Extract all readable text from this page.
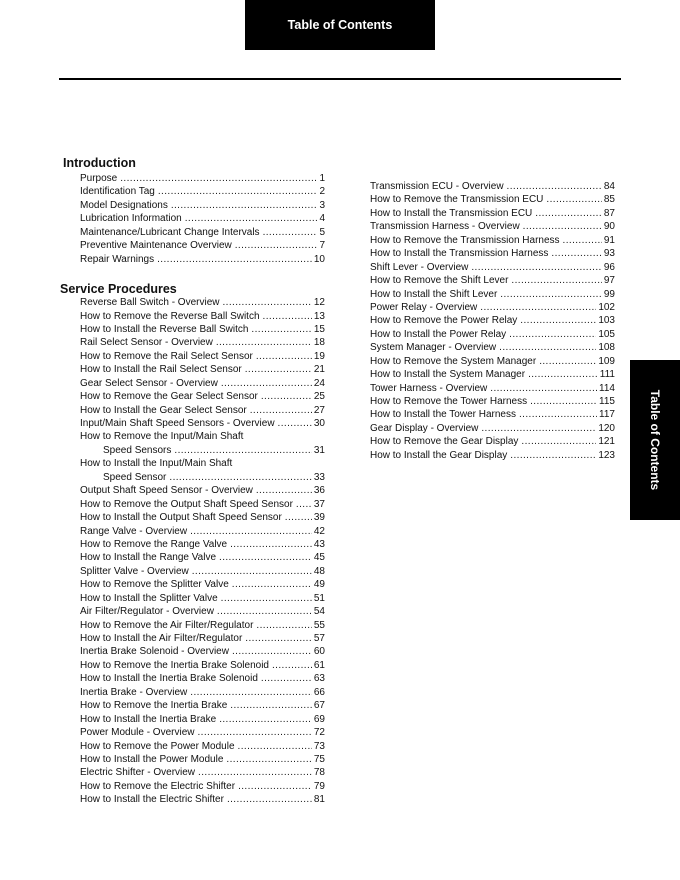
Table of Contents
Table of Contents
Introduction
Service Procedures
Purpose .....	1
Identification Tag .....	2
Model Designations .....	3
Lubrication Information .....	4
Maintenance/Lubricant Change Intervals .....	5
Preventive Maintenance Overview .....	7
Repair Warnings .....	10
Reverse Ball Switch - Overview .....	12
How to Remove the Reverse Ball Switch .....	13
How to Install the Reverse Ball Switch .....	15
Rail Select Sensor - Overview .....	18
How to Remove the Rail Select Sensor .....	19
How to Install the Rail Select Sensor .....	21
Gear Select Sensor - Overview .....	24
How to Remove the Gear Select Sensor .....	25
How to Install the Gear Select Sensor .....	27
Input/Main Shaft Speed Sensors - Overview .....	30
How to Remove the Input/Main Shaft
Speed Sensors .....	31
How to Install the Input/Main Shaft
Speed Sensor .....	33
Output Shaft Speed Sensor - Overview .....	36
How to Remove the Output Shaft Speed Sensor ..... 37
How to Install the Output Shaft Speed Sensor .....	39
Range Valve - Overview .....	42
How to Remove the Range Valve .....	43
How to Install the Range Valve .....	45
Splitter Valve - Overview .....	48
How to Remove the Splitter Valve .....	49
How to Install the Splitter Valve .....	51
Air Filter/Regulator - Overview .....	54
How to Remove the Air Filter/Regulator .....	55
How to Install the Air Filter/Regulator .....	57
Inertia Brake Solenoid - Overview .....	60
How to Remove the Inertia Brake Solenoid .....	61
How to Install the Inertia Brake Solenoid .....	63
Inertia Brake - Overview .....	66
How to Remove the Inertia Brake .....	67
How to Install the Inertia Brake .....	69
Power Module - Overview .....	72
How to Remove the Power Module .....	73
How to Install the Power Module .....	75
Electric Shifter - Overview .....	78
How to Remove the Electric Shifter .....	79
How to Install the Electric Shifter .....	81
Transmission ECU - Overview .....	84
How to Remove the Transmission ECU .....	85
How to Install the Transmission ECU .....	87
Transmission Harness - Overview .....	90
How to Remove the Transmission Harness .....	91
How to Install the Transmission Harness .....	93
Shift Lever - Overview .....	96
How to Remove the Shift Lever .....	97
How to Install the Shift Lever .....	99
Power Relay - Overview .....	102
How to Remove the Power Relay .....	103
How to Install the Power Relay .....	105
System Manager - Overview .....	108
How to Remove the System Manager .....	109
How to Install the System Manager .....	111
Tower Harness - Overview .....	114
How to Remove the Tower Harness .....	115
How to Install the Tower Harness .....	117
Gear Display - Overview .....	120
How to Remove the Gear Display .....	121
How to Install the Gear Display .....	123
